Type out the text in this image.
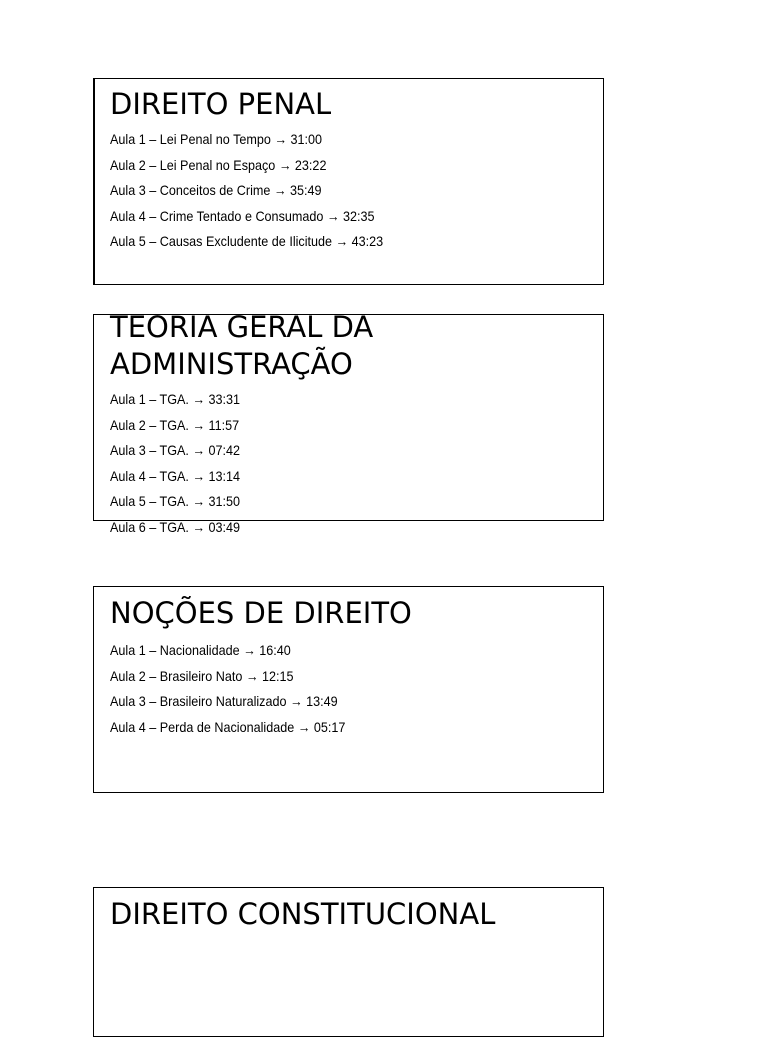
DIREITO PENAL
Aula 1 – Lei Penal no Tempo → 31:00
Aula 2 – Lei Penal no Espaço → 23:22
Aula 3 – Conceitos de Crime → 35:49
Aula 4 – Crime Tentado e Consumado → 32:35
Aula 5 – Causas Excludente de Ilicitude → 43:23
TEORIA GERAL DA
ADMINISTRAÇÃO
Aula 1 – TGA. → 33:31
Aula 2 – TGA. → 11:57
Aula 3 – TGA. → 07:42
Aula 4 – TGA. → 13:14
Aula 5 – TGA. → 31:50
Aula 6 – TGA. → 03:49
NOÇÕES DE DIREITO
Aula 1 – Nacionalidade → 16:40
Aula 2 – Brasileiro Nato → 12:15
Aula 3 – Brasileiro Naturalizado → 13:49
Aula 4 – Perda de Nacionalidade → 05:17
DIREITO CONSTITUCIONAL
